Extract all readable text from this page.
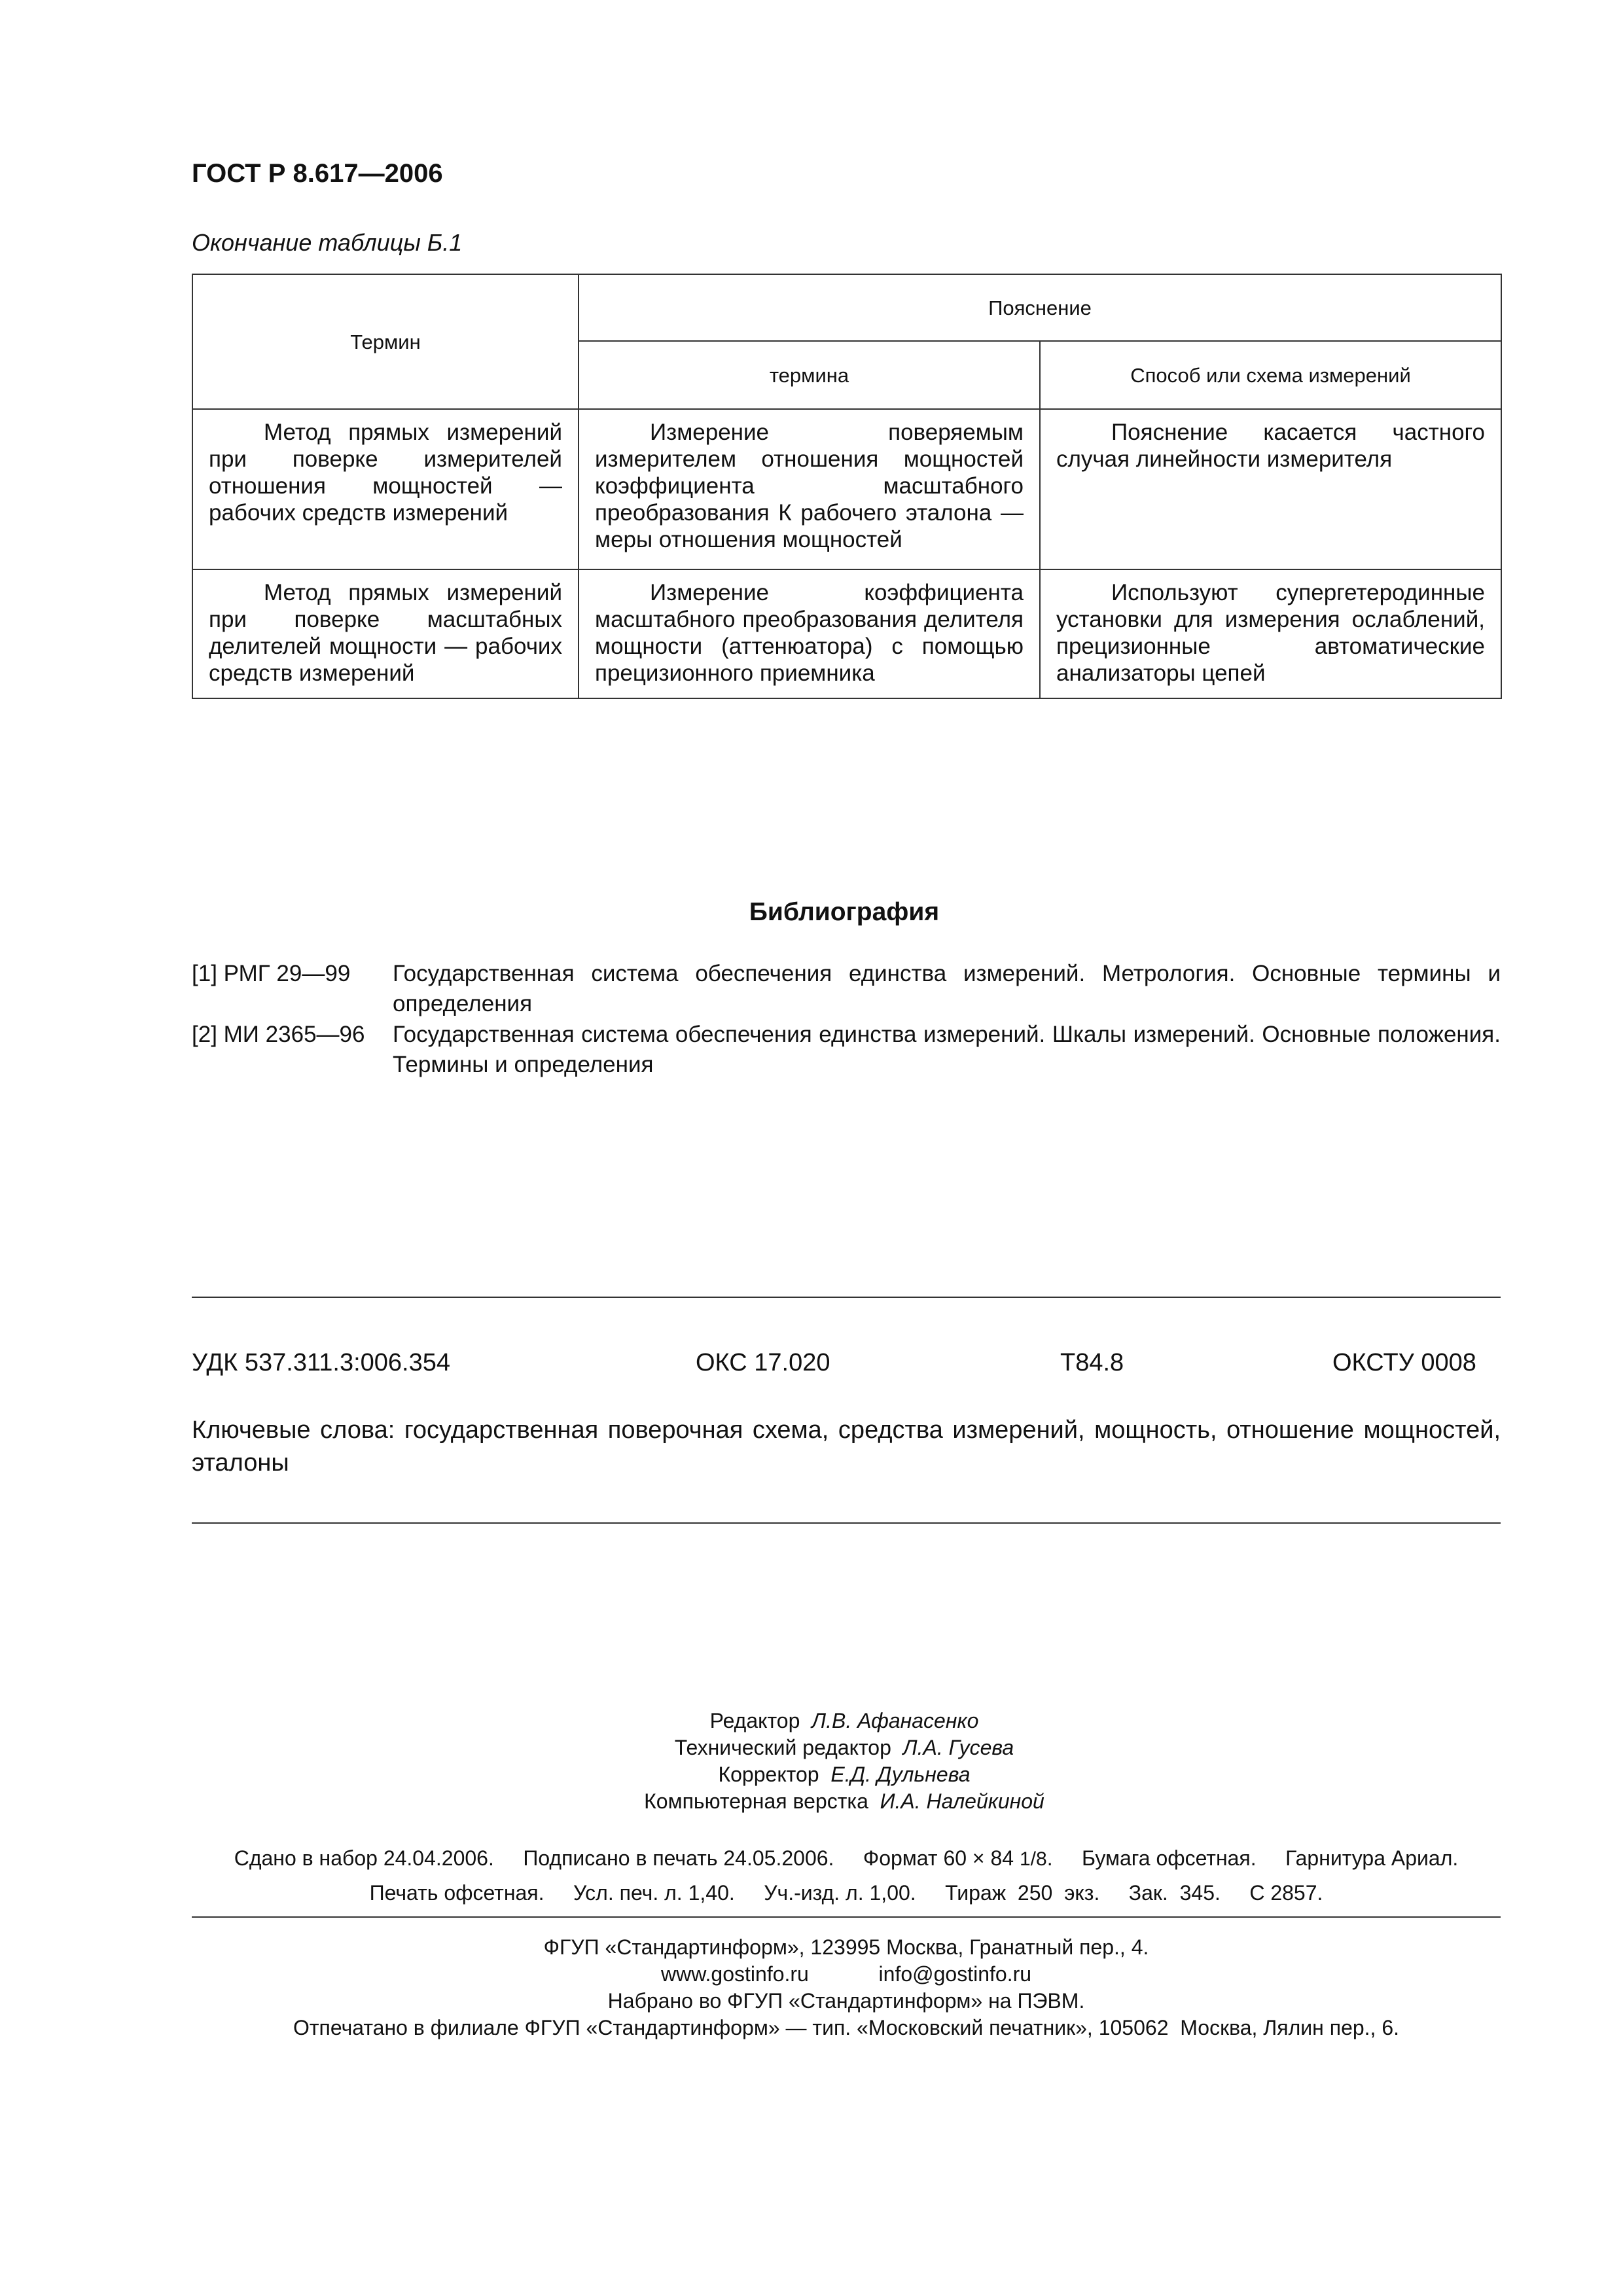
ГОСТ Р 8.617—2006
Окончание таблицы Б.1
Термин	Пояснение	
	термина	Способ или схема измерений
Метод прямых измерений при поверке измерителей отношения мощностей — рабочих средств измерений	Измерение поверяемым измерителем отношения мощностей коэффициента масштабного преобразования К рабочего эталона — меры отношения мощностей	Пояснение касается частного случая линейности измерителя
Метод прямых измерений при поверке масштабных делителей мощности — рабочих средств измерений	Измерение коэффициента масштабного преобразования делителя мощности (аттенюатора) с помощью прецизионного приемника	Используют супергетеродинные установки для измерения ослаблений, прецизионные автоматические анализаторы цепей
Библиография
[1] РМГ 29—99 Государственная система обеспечения единства измерений. Метрология. Основные термины и определения
[2] МИ 2365—96 Государственная система обеспечения единства измерений. Шкалы измерений. Основные положения. Термины и определения
УДК 537.311.3:006.354	ОКС 17.020	Т84.8	ОКСТУ 0008
Ключевые слова: государственная поверочная схема, средства измерений, мощность, отношение мощностей, эталоны
Редактор Л.В. Афанасенко
Технический редактор Л.А. Гусева
Корректор Е.Д. Дульнева
Компьютерная верстка И.А. Налейкиной
Сдано в набор 24.04.2006.     Подписано в печать 24.05.2006.     Формат 60 × 84 1/8.     Бумага офсетная.     Гарнитура Ариал.
Печать офсетная.     Усл. печ. л. 1,40.     Уч.-изд. л. 1,00.     Тираж  250  экз.     Зак.  345.     С 2857.
ФГУП «Стандартинформ», 123995 Москва, Гранатный пер., 4.
www.gostinfo.ru	info@gostinfo.ru
Набрано во ФГУП «Стандартинформ» на ПЭВМ.
Отпечатано в филиале ФГУП «Стандартинформ» — тип. «Московский печатник», 105062  Москва, Лялин пер., 6.
